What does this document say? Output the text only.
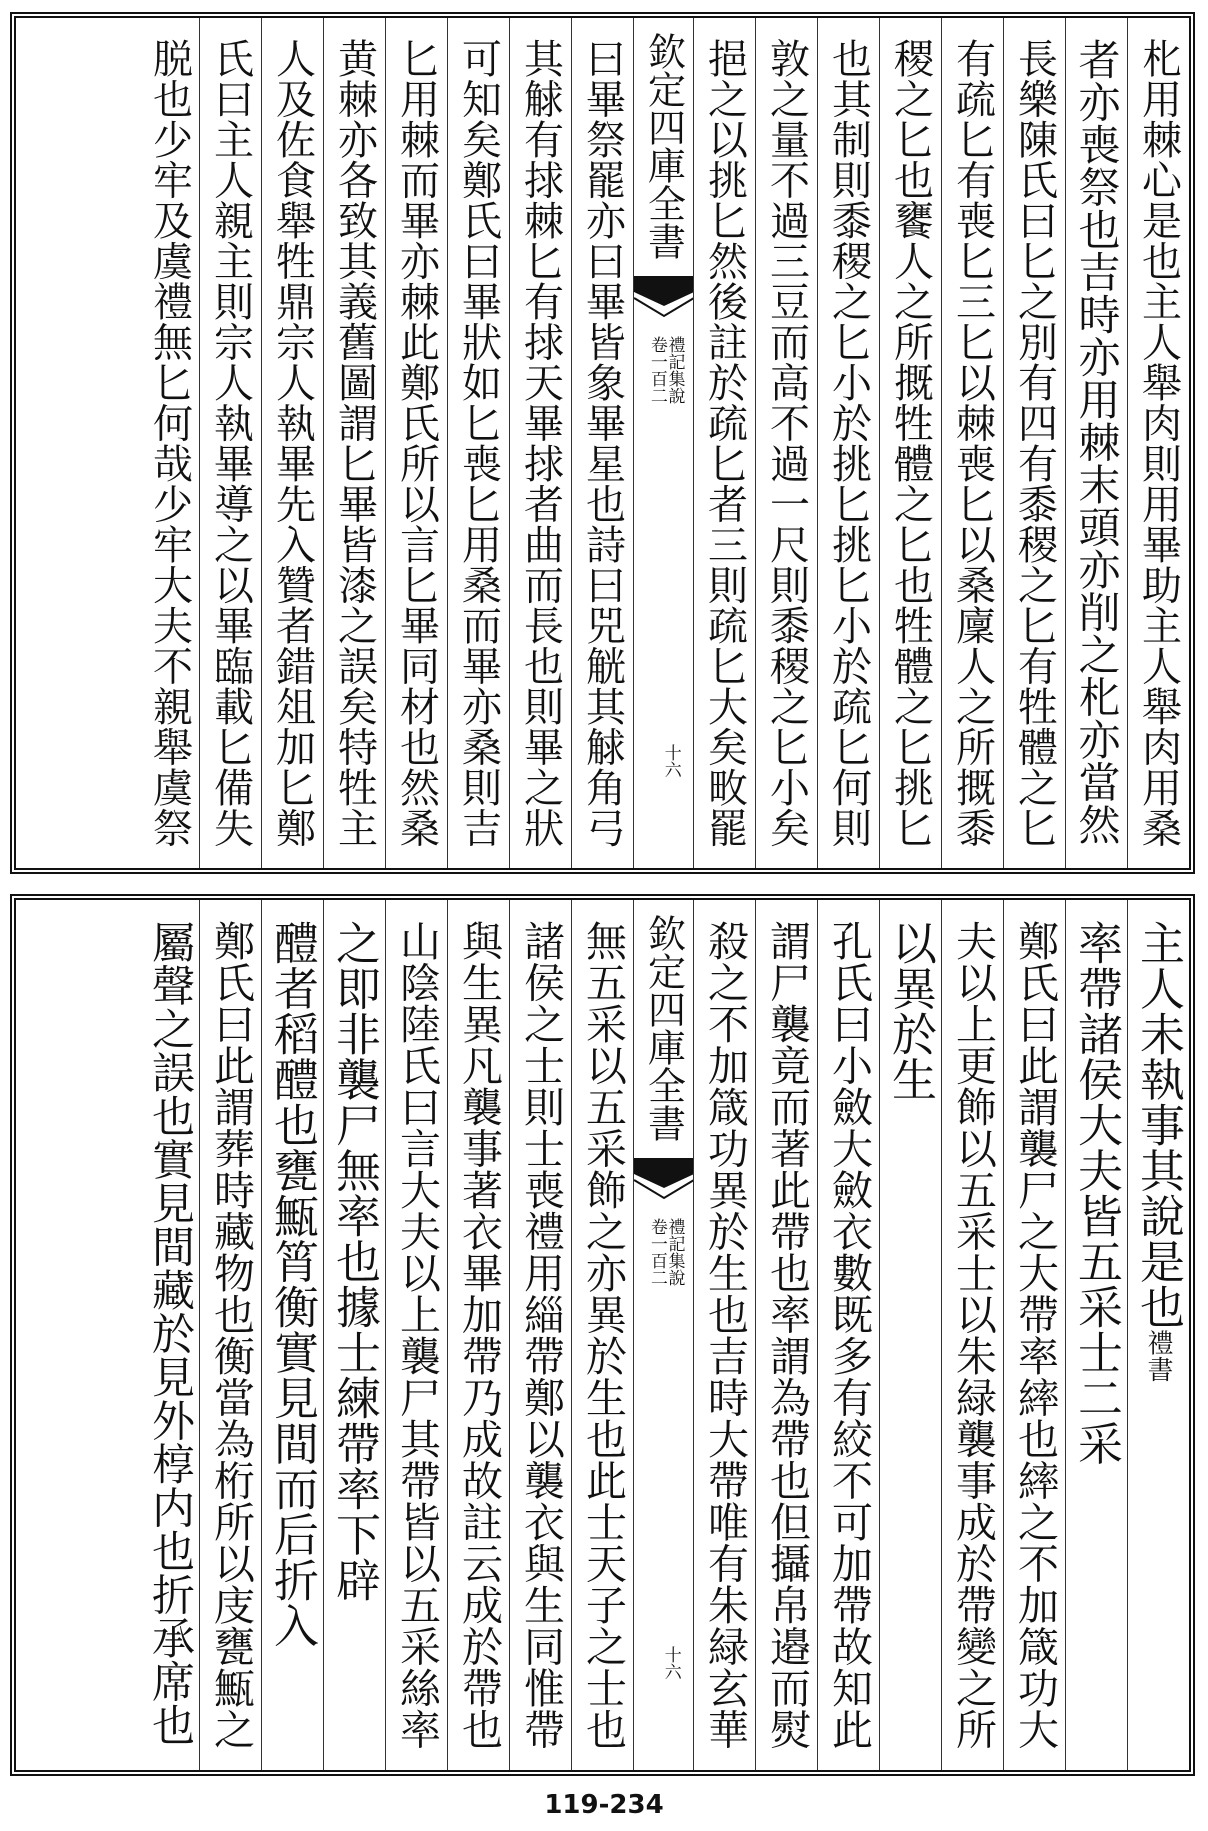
朼用棘心是也主人舉肉則用畢助主人舉肉用桑
者亦喪祭也吉時亦用棘末頭亦削之朼亦當然
長樂陳氏曰匕之別有四有黍稷之匕有牲體之匕
有疏匕有喪匕三匕以棘喪匕以桑廩人之所摡黍
稷之匕也饔人之所摡牲體之匕也牲體之匕挑匕
也其制則黍稷之匕小於挑匕挑匕小於疏匕何則
敦之量不過三豆而高不過一尺則黍稷之匕小矣
挹之以挑匕然後註於疏匕者三則疏匕大矣畋罷
欽定四庫全書
禮記集說
卷一百二
十六
曰畢祭罷亦曰畢皆象畢星也詩曰兕觥其觩角弓
其觩有捄棘匕有捄天畢捄者曲而長也則畢之狀
可知矣鄭氏曰畢狀如匕喪匕用桑而畢亦桑則吉
匕用棘而畢亦棘此鄭氏所以言匕畢同材也然桑
黄棘亦各致其義舊圖謂匕畢皆漆之誤矣特牲主
人及佐食舉牲鼎宗人執畢先入贊者錯俎加匕鄭
氏曰主人親主則宗人執畢導之以畢臨載匕備失
脱也少牢及虞禮無匕何哉少牢大夫不親舉虞祭
主人未執事其說是也禮書
率帶諸侯大夫皆五采士二采
鄭氏曰此謂襲尸之大帶率繂也繂之不加箴功大
夫以上更飾以五采士以朱緑襲事成於帶變之所
以異於生
孔氏曰小斂大斂衣數既多有絞不可加帶故知此
謂尸襲竟而著此帶也率謂為帶也但攝帛邉而熨
殺之不加箴功異於生也吉時大帶唯有朱緑玄華
欽定四庫全書
禮記集說
卷一百二
十六
無五采以五采飾之亦異於生也此士天子之士也
諸侯之士則士喪禮用緇帶鄭以襲衣與生同惟帶
與生異凡襲事著衣畢加帶乃成故註云成於帶也
山陰陸氏曰言大夫以上襲尸其帶皆以五采絲率
之即非襲尸無率也據士練帶率下辟
醴者稻醴也甕甒筲衡實見間而后折入
鄭氏曰此謂葬時藏物也衡當為桁所以庋甕甒之
屬聲之誤也實見間藏於見外椁内也折承席也
119-234
